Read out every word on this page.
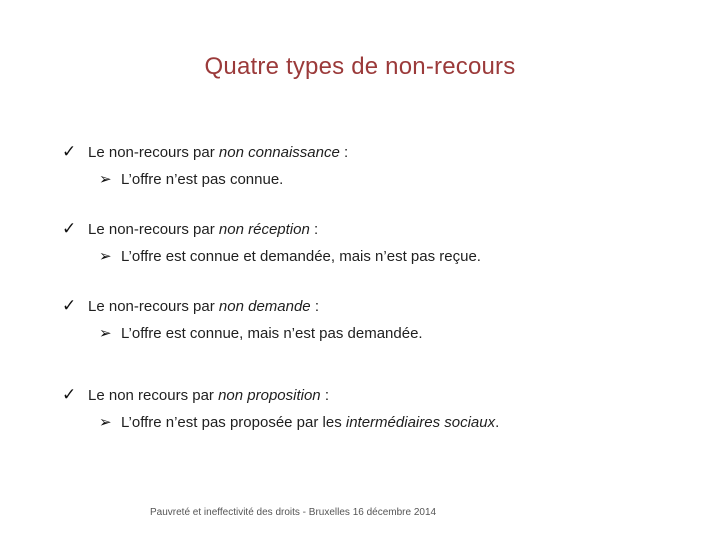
Quatre types de non-recours
✓ Le non-recours par non connaissance :
➢ L’offre n’est pas connue.
✓ Le non-recours par non réception :
➢ L’offre est connue et demandée, mais n’est pas reçue.
✓ Le non-recours par non demande :
➢ L’offre est connue, mais n’est pas demandée.
✓ Le non recours par non proposition :
➢ L’offre n’est pas proposée par les intermédiaires sociaux.
Pauvreté et ineffectivité des droits - Bruxelles 16 décembre 2014
